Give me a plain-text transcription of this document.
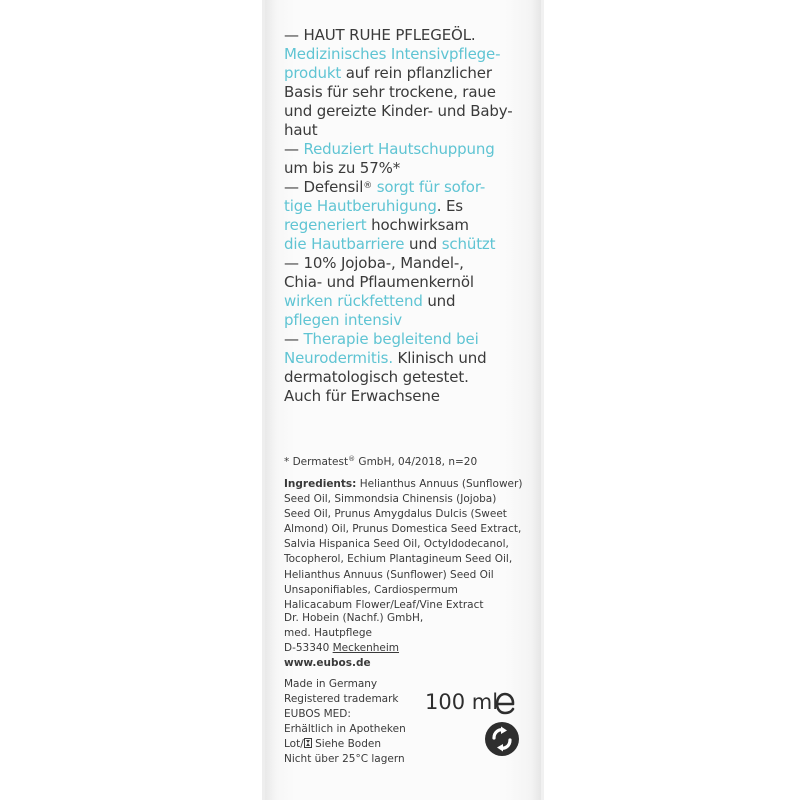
— HAUT RUHE PFLEGEÖL.
Medizinisches Intensivpflege-
produkt auf rein pflanzlicher
Basis für sehr trockene, raue
und gereizte Kinder- und Baby-
haut
— Reduziert Hautschuppung
um bis zu 57%*
— Defensil® sorgt für sofor-
tige Hautberuhigung. Es
regeneriert hochwirksam
die Hautbarriere und schützt
— 10% Jojoba-, Mandel-,
Chia- und Pflaumenkernöl
wirken rückfettend und
pflegen intensiv
— Therapie begleitend bei
Neurodermitis. Klinisch und
dermatologisch getestet.
Auch für Erwachsene
* Dermatest® GmbH, 04/2018, n=20
Ingredients: Helianthus Annuus (Sunflower)
Seed Oil, Simmondsia Chinensis (Jojoba)
Seed Oil, Prunus Amygdalus Dulcis (Sweet
Almond) Oil, Prunus Domestica Seed Extract,
Salvia Hispanica Seed Oil, Octyldodecanol,
Tocopherol, Echium Plantagineum Seed Oil,
Helianthus Annuus (Sunflower) Seed Oil
Unsaponifiables, Cardiospermum
Halicacabum Flower/Leaf/Vine Extract
Dr. Hobein (Nachf.) GmbH,
med. Hautpflege
D-53340 Meckenheim
www.eubos.de
Made in Germany
Registered trademark
EUBOS MED:
Erhältlich in Apotheken
Lot/ Siehe Boden
Nicht über 25°C lagern
100 ml
